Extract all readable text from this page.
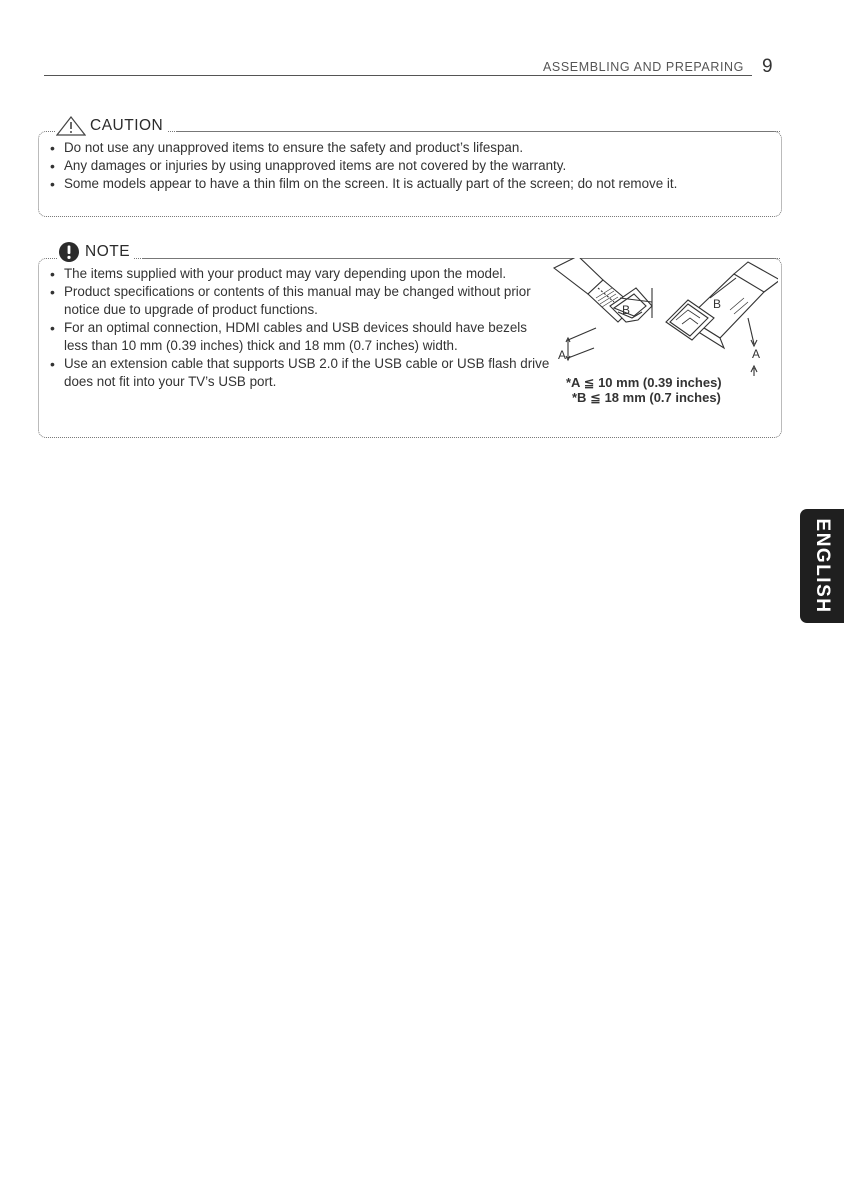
ASSEMBLING AND PREPARING 9
CAUTION
• Do not use any unapproved items to ensure the safety and product’s lifespan.
• Any damages or injuries by using unapproved items are not covered by the warranty.
• Some models appear to have a thin film on the screen. It is actually part of the screen; do not remove it.
NOTE
• The items supplied with your product may vary depending upon the model.
• Product specifications or contents of this manual may be changed without prior notice due to upgrade of product functions.
• For an optimal connection, HDMI cables and USB devices should have bezels less than 10 mm (0.39 inches) thick and 18 mm (0.7 inches) width.
• Use an extension cable that supports USB 2.0 if the USB cable or USB flash drive does not fit into your TV’s USB port.
A
B	B
A
*A ≦ 10 mm (0.39 inches)
*B ≦ 18 mm (0.7 inches)
ENGLISH
